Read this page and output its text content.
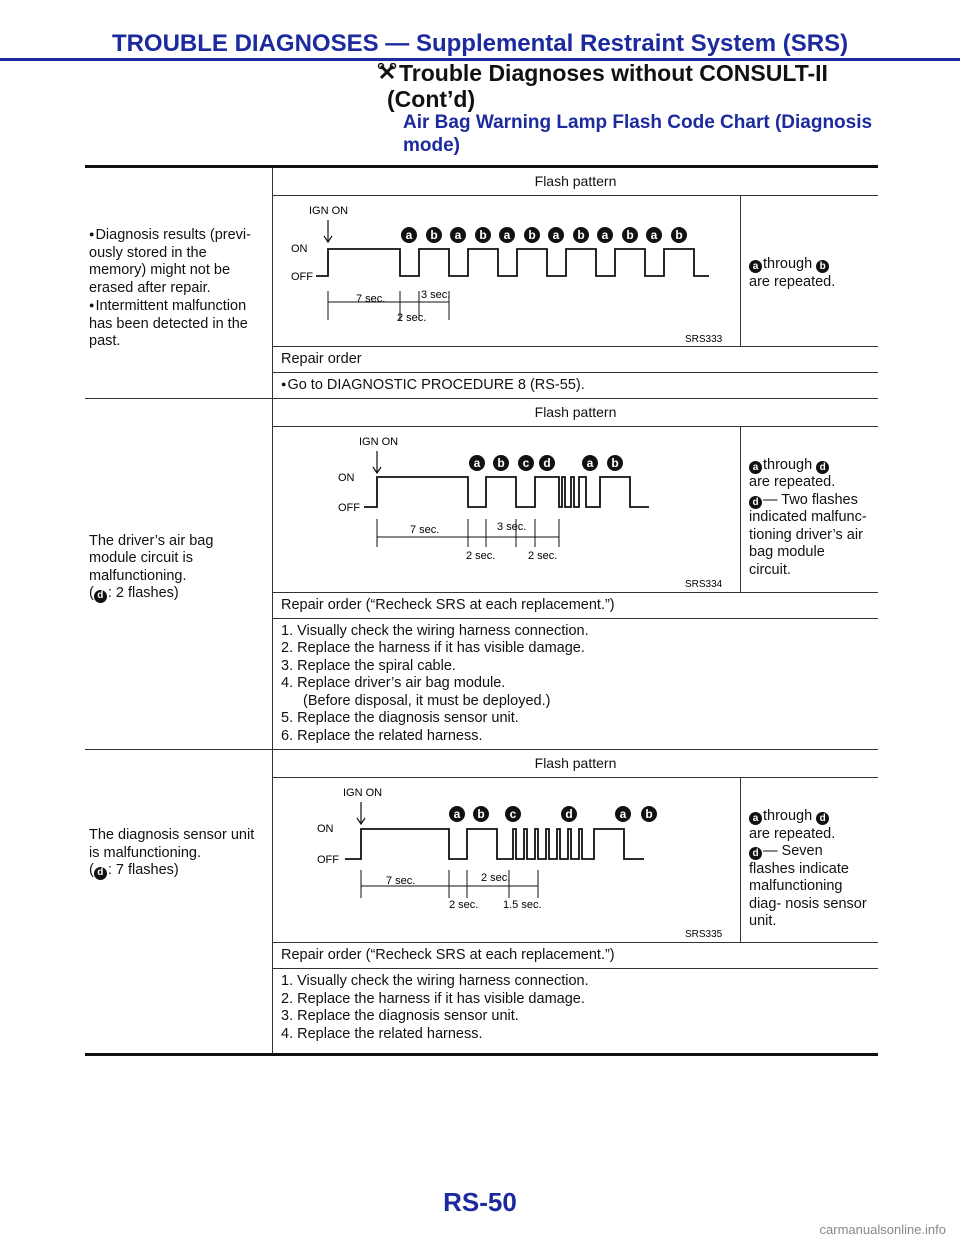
TROUBLE DIAGNOSES — Supplemental Restraint System (SRS)
Trouble Diagnoses without CONSULT-II
(Cont’d)
Air Bag Warning Lamp Flash Code Chart (Diagnosis mode)
● Diagnosis results (previ- ously stored in the memory) might not be erased after repair.
● Intermittent malfunction has been detected in the past.
Flash pattern
IGN ON
ON
OFF
a b a b a b a b a b a b
7 sec.
2 sec.
3 sec.
SRS333
a through b
are repeated.
Repair order
● Go to DIAGNOSTIC PROCEDURE 8 (RS-55).
The driver’s air bag module circuit is malfunctioning.
( d : 2 flashes)
Flash pattern
IGN ON
ON
OFF
a b c d	a b
7 sec.
2 sec.
3 sec.
2 sec.
SRS334
a through d
are repeated.
d — Two flashes indicated malfunc- tioning driver’s air bag module circuit.
Repair order (“Recheck SRS at each replacement.”)
1. Visually check the wiring harness connection.
2. Replace the harness if it has visible damage.
3. Replace the spiral cable.
4. Replace driver’s air bag module.
(Before disposal, it must be deployed.)
5. Replace the diagnosis sensor unit.
6. Replace the related harness.
The diagnosis sensor unit is malfunctioning.
( d : 7 flashes)
Flash pattern
IGN ON
ON
OFF
a b c	d	a b
7 sec.
2 sec.
2 sec.
1.5 sec.
SRS335
a through d
are repeated.
d — Seven flashes indicate malfunctioning diag- nosis sensor unit.
Repair order (“Recheck SRS at each replacement.”)
1. Visually check the wiring harness connection.
2. Replace the harness if it has visible damage.
3. Replace the diagnosis sensor unit.
4. Replace the related harness.
RS-50
carmanualsonline.info
